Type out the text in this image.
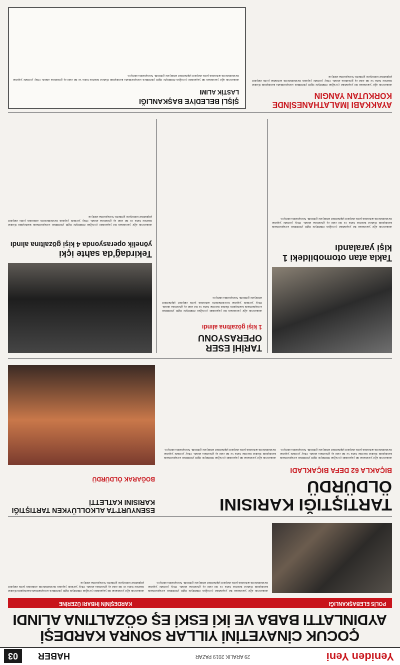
Yeniden Yeni
29 ARALIK 2019 PAZAR
HABER
03
ÇOCUK CİNAYETİNİ YILLAR SONRA KARDEŞİ AYDINLATTI BABA VE İKİ ESKİ EŞ GÖZALTINA ALINDI
POLİS ELEBAŞKANLIĞI
KARDEŞİNİN İHBARI ÜZERİNE
Ankara'da ağır yaralanan iki yaşındaki çocuğun ölümüyle ilgili yürütülen soruşturmada kardeşinin ifadesi üzerine baba ve iki eski eş gözaltına alındı. Olay yerinde yapılan incelemelerin ardından polis ekipleri şüphelileri emniyete götürdü. Soruşturma sürüyor.
Ankara'da ağır yaralanan iki yaşındaki çocuğun ölümüyle ilgili yürütülen soruşturmada kardeşinin ifadesi üzerine baba ve iki eski eş gözaltına alındı. Olay yerinde yapılan incelemelerin ardından polis ekipleri şüphelileri emniyete götürdü. Soruşturma sürüyor.
TARTIŞTIĞI KARISINI ÖLDÜRDÜ
BIÇAKLA 62 DEFA BIÇAKLADI
ESENYURT'TA ALKOLLÜYKEN TARTIŞTIĞI KARISINI KATLETTİ
BOĞARAK ÖLDÜRDÜ
Ankara'da ağır yaralanan iki yaşındaki çocuğun ölümüyle ilgili yürütülen soruşturmada kardeşinin ifadesi üzerine baba ve iki eski eş gözaltına alındı. Olay yerinde yapılan incelemelerin ardından polis ekipleri şüphelileri emniyete götürdü. Soruşturma sürüyor.
Ankara'da ağır yaralanan iki yaşındaki çocuğun ölümüyle ilgili yürütülen soruşturmada kardeşinin ifadesi üzerine baba ve iki eski eş gözaltına alındı. Olay yerinde yapılan incelemelerin ardından polis ekipleri şüphelileri emniyete götürdü. Soruşturma sürüyor.
Takla atan otomobildeki 1 kişi yaralandı
Ankara'da ağır yaralanan iki yaşındaki çocuğun ölümüyle ilgili yürütülen soruşturmada kardeşinin ifadesi üzerine baba ve iki eski eş gözaltına alındı. Olay yerinde yapılan incelemelerin ardından polis ekipleri şüphelileri emniyete götürdü. Soruşturma sürüyor.
TARİHİ ESER OPERASYONU
1 kişi gözaltına alındı
Ankara'da ağır yaralanan iki yaşındaki çocuğun ölümüyle ilgili yürütülen soruşturmada kardeşinin ifadesi üzerine baba ve iki eski eş gözaltına alındı. Olay yerinde yapılan incelemelerin ardından polis ekipleri şüphelileri emniyete götürdü. Soruşturma sürüyor.
Tekirdağ'da sahte içki
yönelik operasyonda 4 kişi gözaltına alındı
Ankara'da ağır yaralanan iki yaşındaki çocuğun ölümüyle ilgili yürütülen soruşturmada kardeşinin ifadesi üzerine baba ve iki eski eş gözaltına alındı. Olay yerinde yapılan incelemelerin ardından polis ekipleri şüphelileri emniyete götürdü. Soruşturma sürüyor.
AYAKKABI İMALATHANESİNDE KORKUTAN YANGIN
Ankara'da ağır yaralanan iki yaşındaki çocuğun ölümüyle ilgili yürütülen soruşturmada kardeşinin ifadesi üzerine baba ve iki eski eş gözaltına alındı. Olay yerinde yapılan incelemelerin ardından polis ekipleri şüphelileri emniyete götürdü. Soruşturma sürüyor.
ŞİŞLİ BELEDİYE BAŞKANLIĞI
LASTİK ALIMI
Ankara'da ağır yaralanan iki yaşındaki çocuğun ölümüyle ilgili yürütülen soruşturmada kardeşinin ifadesi üzerine baba ve iki eski eş gözaltına alındı. Olay yerinde yapılan incelemelerin ardından polis ekipleri şüphelileri emniyete götürdü. Soruşturma sürüyor.
